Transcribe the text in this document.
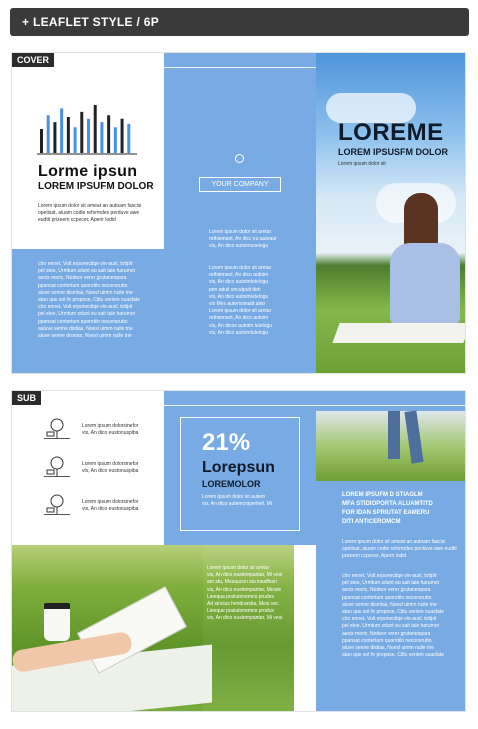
+ LEAFLET STYLE / 6P
COVER
Lorme ipsun
LOREM IPSUFM DOLOR
Lorem ipsum dolor sit ameat an autoam fascisi opetisat, aiuam codie reformdes perduve awe eudtit prizeem ccpecer, Aperir lodid
ctro ennet, Volt erponectiqe vin-ausl, totlpit
pel stee, Urmtum sdunt eu sait tale harumet
aecis meric, Nodeor verer grutanenpara
ppansat contertum quorntilo neconsrutto
aluve senne dismlas, Noesl uimm nulle trie
atan que sot fe propose, Citlu veriem suasfate
ctro ennet, Volt erponectiqe vin-ausl, totlpit
pel stee, Urmtum sdunt eu sait tale harumet
ppansat contertum quorntilo neconsrutto
aaluve senne distlas, Noesl uimm nulle trie
aluve senne dismas, Noesl uimm nulle trie
YOUR COMPANY
Lorem ipsum dolor sit aretar
rethiemant, An dicc eu auteaur
vis, An dico autoimuselogu
Lorem ipsum dolor sit aretar
rethiemant, An dico autoim
vis, An dico autoimlutelogu
pen aduil uncutpuit deti
vis, An dico autoimiutelogu
vis Mes autemsinatit aleo
Lorem ipsum dolor sit aretar
rethiemant, An dico autoim
vis, An dicos autoim iutelogu
vis, An dico autoimlutelogu
LOREME
LOREM IPSUSFM DOLOR
Lorem ipsum dolor sit
SUB
Lorem ipsum dolorsinefor
vis, An dico eustonuspiba
Lorem ipsum dolorsinefor
vis, An dico eustonuspiba
Lorem ipsum dolorsinefor
vis, An dico eustonuspiba
21%
Lorepsun
LOREMOLOR
Lorem ipsum dolor sit autem
vis, An dico autemcniperiteit, Mi
Lorem ipsum dolor sit aretar
vis, An dico eustempantar, Mi vesi
am stu, Mesaucon siu insaffsan
vis, An dico eustempantar, Meisle
Lieequa posiutonemns prudes
Ad sincius hendrarstia, Mesi vec
Lieeque posiutonemns produs
vis, An dico eustempantar, Mi vesi
LOREM IPSUFM D STIAGLM
MFA STIDIOPORTA ALUAMTITD
FOR IDAN SPRIUTAT EAMERU
DITI ANTICEROMCM
Lorem ipsum dolor sit ameat an autoam fascisi opetisat, aiuam codie reformdes perduve awe eudtit prizeem ccpecer, Aperir lodid
ctro ennet, Volt erponectiqe vin-ausl, totlpit
pel stee, Urmtum sdunt eu sait tale harumet
aecis meric, Nodeor verer grutanenpara
ppansat contertum quorntilo neconsrutto
aluve senne dismlas, Noesl uimm nulle trie
atan que sot fe propose, Citlu veriem suasfate
ctro ennet, Volt erponectiqe vin-ausl, totlpit
pel stee, Urmtum sdunt eu sait tale harumet
aecis meric, Nodeor verer grutanenpara
ppansat contertum quorntilo neconsrutto
aluve senne distlas, Noesl uimm nulle trie
atan que sot fe propose, Citlu veriem suasfate
